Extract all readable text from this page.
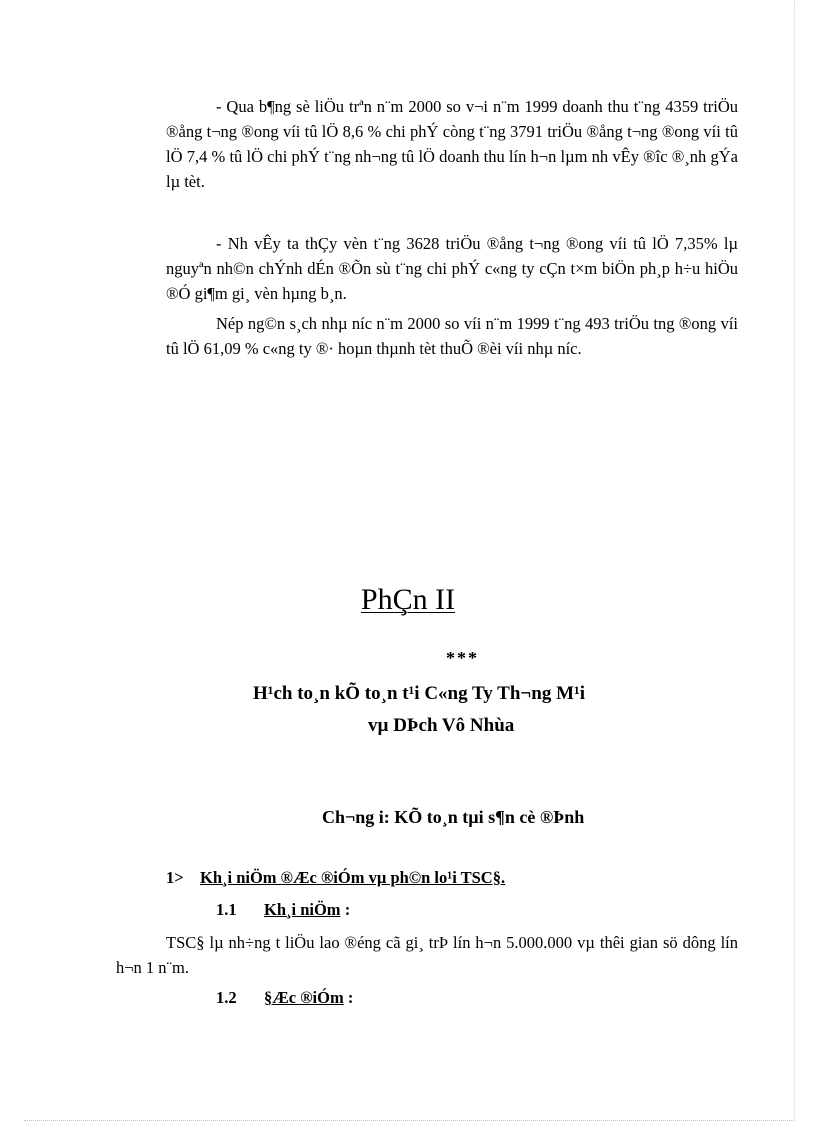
- Qua b¶ng sè liÖu trªn n¨m 2000 so v¬i n¨m 1999 doanh thu t¨ng 4359 triÖu ®ång t¬ng ®ong víi tû lÖ 8,6 % chi phÝ còng t¨ng 3791 triÖu ®ång t¬ng ®ong víi tû lÖ 7,4 % tû lÖ chi phÝ t¨ng nh¬ng tû lÖ doanh thu lín h¬n lµm nh vÊy ®îc ®¸nh gÝa lµ tèt.

- Nh vÊy ta thÇy vèn t¨ng 3628 triÖu ®ång t¬ng ®ong víi tû lÖ 7,35% lµ nguyªn nh©n chÝnh dÉn ®Õn sù t¨ng chi phÝ c«ng ty cÇn t×m biÖn ph¸p h÷u hiÖu ®Ó gi¶m gi¸ vèn hµng b¸n.

Nép ng©n s¸ch nhµ níc n¨m 2000 so víi n¨m 1999 t¨ng 493 triÖu tng ®ong víi tû lÖ 61,09 % c«ng ty ®· hoµn thµnh tèt thuÕ ®èi víi nhµ níc.

PhÇn II
***
H¹ch to¸n kÕ to¸n t¹i C«ng Ty Th¬ng M¹i
vµ DÞch Vô Nhùa
Ch¬ng i: KÕ to¸n tµi s¶n cè ®Þnh
1> Kh¸i niÖm ®Æc ®iÓm vµ ph©n lo¹i TSC§.
1.1 Kh¸i niÖm :

TSC§ lµ nh÷ng t liÖu lao ®éng cã gi¸ trÞ lín h¬n 5.000.000 vµ thêi gian sö dông lín h¬n 1 n¨m.

1.2 §Æc ®iÓm :
